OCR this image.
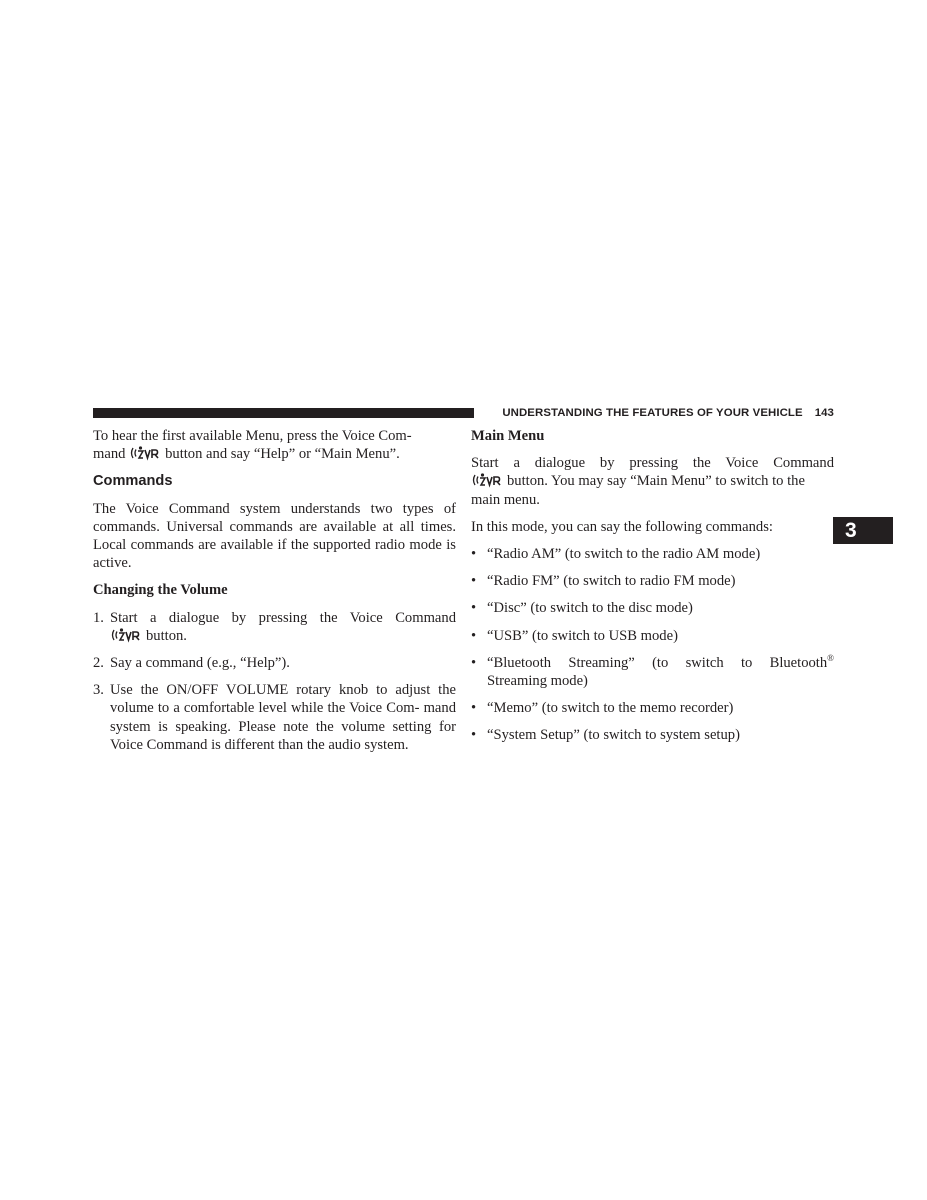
UNDERSTANDING THE FEATURES OF YOUR VEHICLE 143
3

To hear the first available Menu, press the Voice Com-
mand	button and say “Help” or “Main Menu”.

Commands

The Voice Command system understands two types of commands. Universal commands are available at all times. Local commands are available if the supported radio mode is active.

Changing the Volume
1. Start a dialogue by pressing the Voice Command
button.
2. Say a command (e.g., “Help”).
3. Use the ON/OFF VOLUME rotary knob to adjust the volume to a comfortable level while the Voice Com- mand system is speaking. Please note the volume setting for Voice Command is different than the audio system.
Main Menu

Start a dialogue by pressing the Voice Command
button. You may say “Main Menu” to switch to the
main menu.

In this mode, you can say the following commands:

• “Radio AM” (to switch to the radio AM mode)
• “Radio FM” (to switch to radio FM mode)
• “Disc” (to switch to the disc mode)
• “USB” (to switch to USB mode)
• “Bluetooth Streaming” (to switch to Bluetooth®
Streaming mode)
• “Memo” (to switch to the memo recorder)
• “System Setup” (to switch to system setup)
